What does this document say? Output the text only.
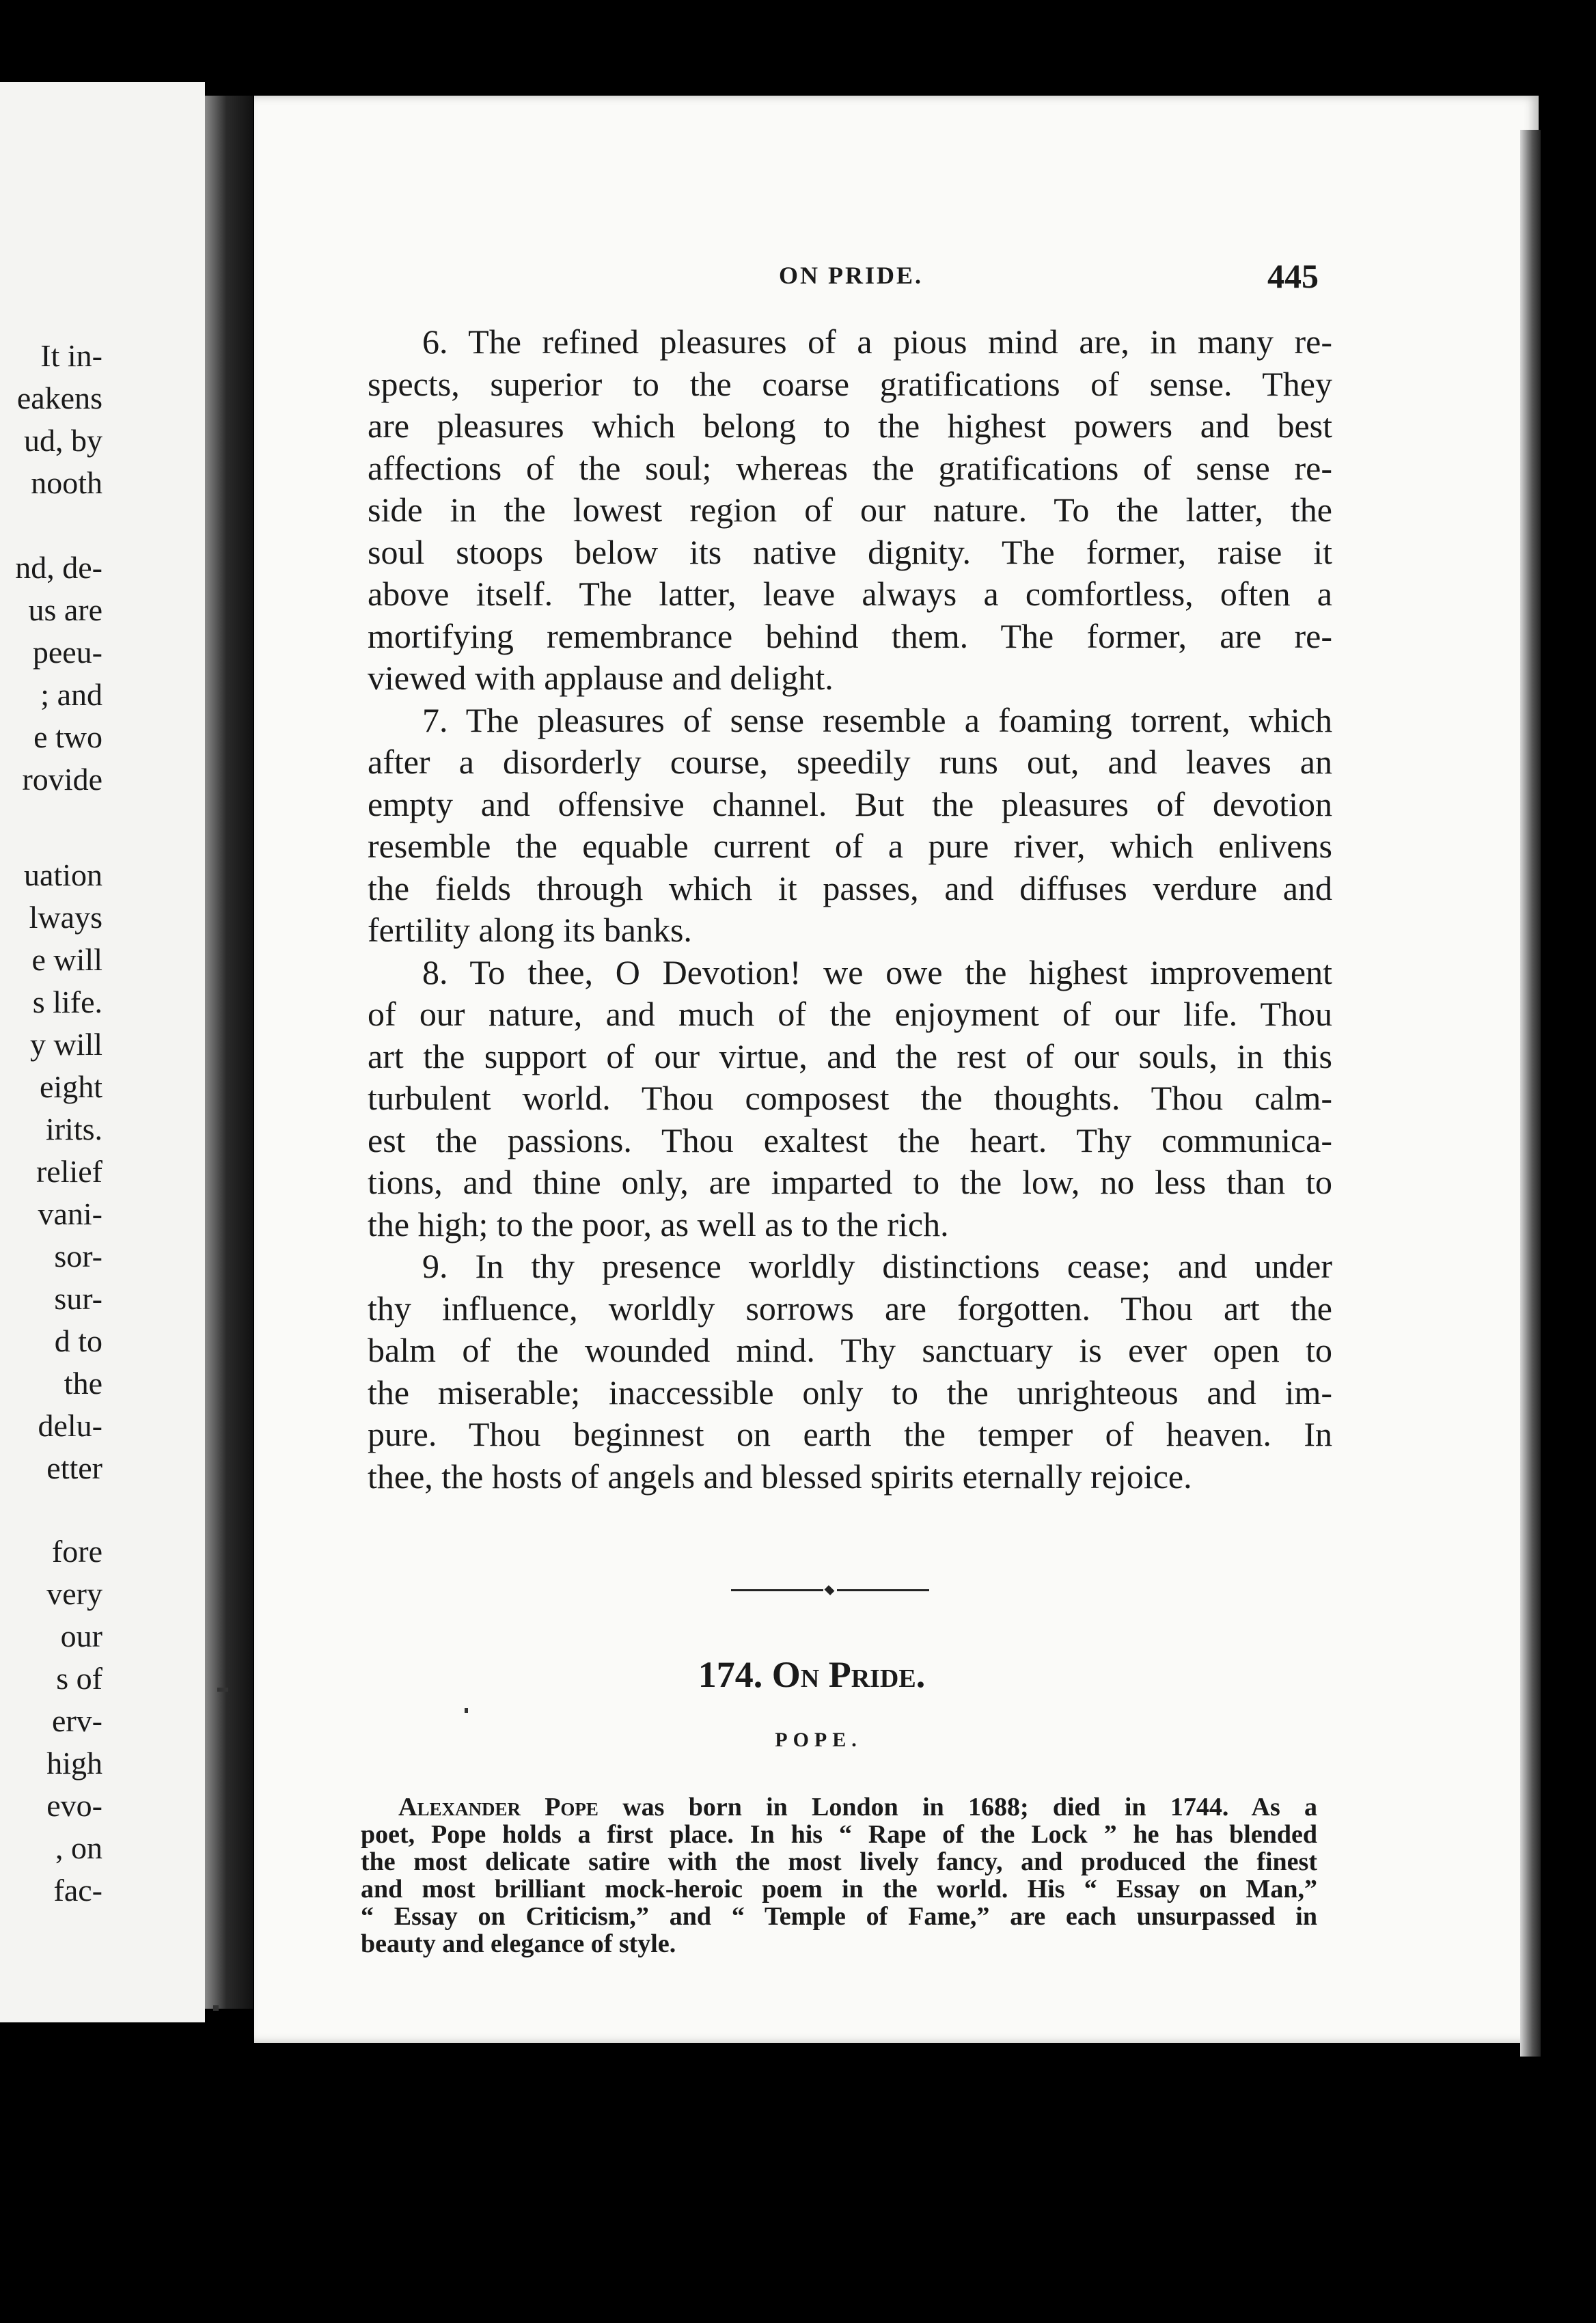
It in-
eakens
ud, by
nooth
nd, de-
us are
peeu-
; and
e two
rovide
uation
lways
e will
s life.
y will
eight
irits.
relief
vani-
sor-
sur-
d to
the
delu-
etter
fore
very
our
s of
erv-
high
evo-
, on
fac-
ON PRIDE.	445
6. The refined pleasures of a pious mind are, in many re-
spects, superior to the coarse gratifications of sense. They
are pleasures which belong to the highest powers and best
affections of the soul; whereas the gratifications of sense re-
side in the lowest region of our nature. To the latter, the
soul stoops below its native dignity. The former, raise it
above itself. The latter, leave always a comfortless, often a
mortifying remembrance behind them. The former, are re-
viewed with applause and delight.
7. The pleasures of sense resemble a foaming torrent, which
after a disorderly course, speedily runs out, and leaves an
empty and offensive channel. But the pleasures of devotion
resemble the equable current of a pure river, which enlivens
the fields through which it passes, and diffuses verdure and
fertility along its banks.
8. To thee, O Devotion! we owe the highest improvement
of our nature, and much of the enjoyment of our life. Thou
art the support of our virtue, and the rest of our souls, in this
turbulent world. Thou composest the thoughts. Thou calm-
est the passions. Thou exaltest the heart. Thy communica-
tions, and thine only, are imparted to the low, no less than to
the high; to the poor, as well as to the rich.
9. In thy presence worldly distinctions cease; and under
thy influence, worldly sorrows are forgotten. Thou art the
balm of the wounded mind. Thy sanctuary is ever open to
the miserable; inaccessible only to the unrighteous and im-
pure. Thou beginnest on earth the temper of heaven. In
thee, the hosts of angels and blessed spirits eternally rejoice.
174. On Pride.
POPE.
Alexander Pope was born in London in 1688; died in 1744. As a
poet, Pope holds a first place. In his “ Rape of the Lock ” he has blended
the most delicate satire with the most lively fancy, and produced the finest
and most brilliant mock-heroic poem in the world. His “ Essay on Man,”
“ Essay on Criticism,” and “ Temple of Fame,” are each unsurpassed in
beauty and elegance of style.
